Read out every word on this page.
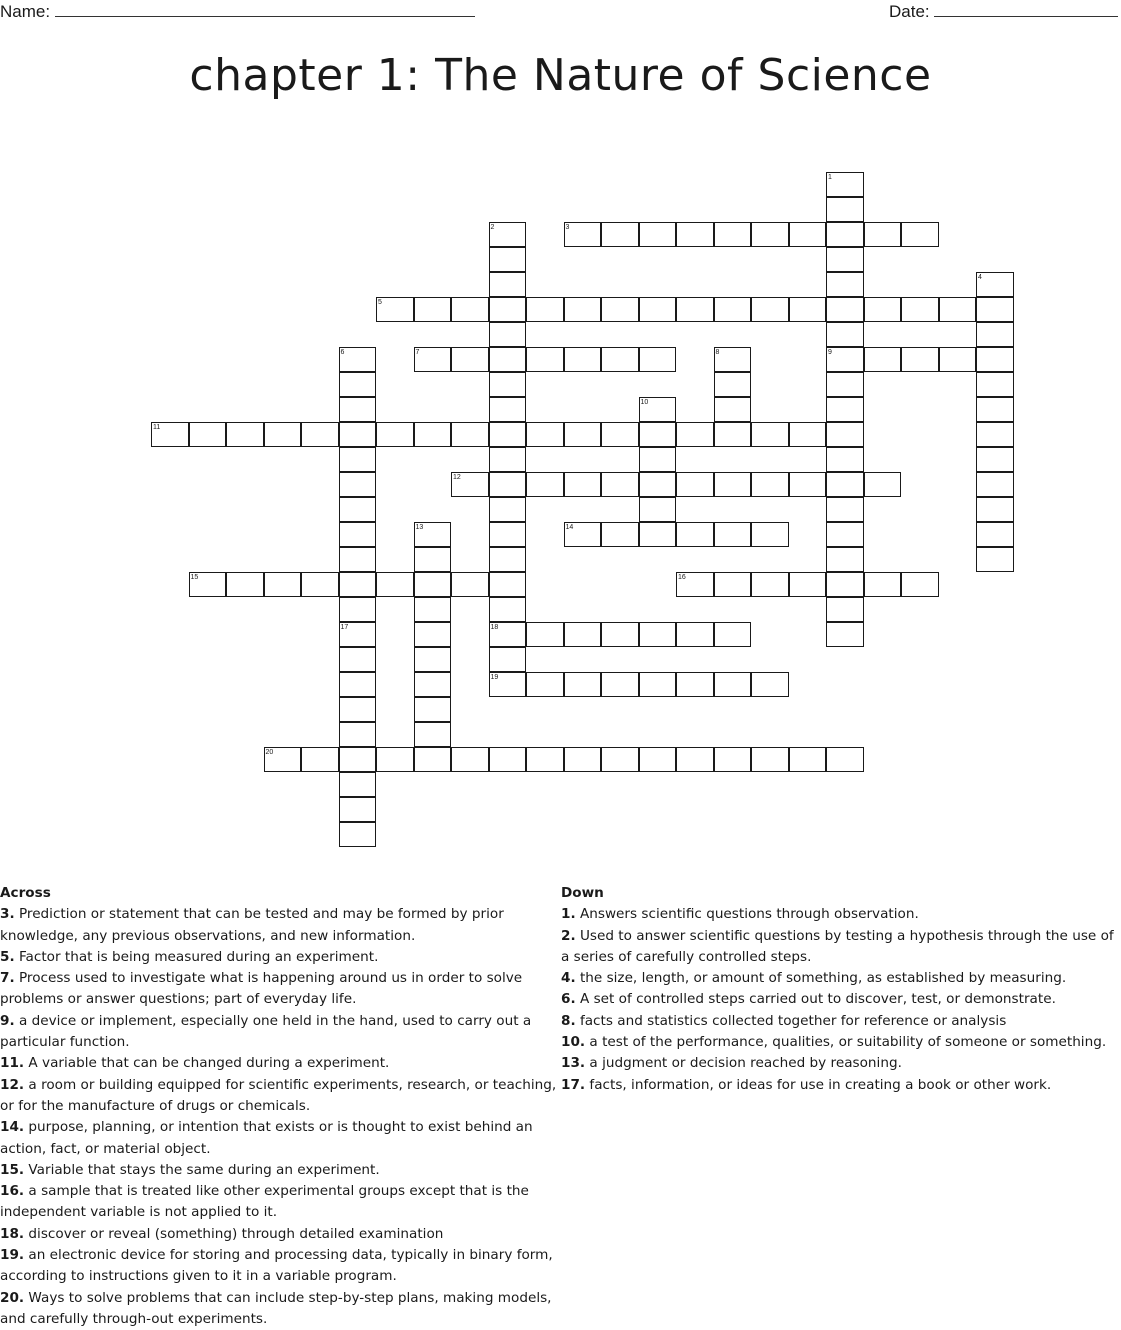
Name:	Date:
chapter 1: The Nature of Science
1
2	3
4
5
6	7	8	9
10
11
12
13	14
15	16
17	18
19
20
Across
3. Prediction or statement that can be tested and may be formed by prior knowledge, any previous observations, and new information.
5. Factor that is being measured during an experiment.
7. Process used to investigate what is happening around us in order to solve problems or answer questions; part of everyday life.
9. a device or implement, especially one held in the hand, used to carry out a particular function.
11. A variable that can be changed during a experiment.
12. a room or building equipped for scientific experiments, research, or teaching, or for the manufacture of drugs or chemicals.
14. purpose, planning, or intention that exists or is thought to exist behind an action, fact, or material object.
15. Variable that stays the same during an experiment.
16. a sample that is treated like other experimental groups except that is the independent variable is not applied to it.
18. discover or reveal (something) through detailed examination
19. an electronic device for storing and processing data, typically in binary form, according to instructions given to it in a variable program.
20. Ways to solve problems that can include step-by-step plans, making models, and carefully through-out experiments.
Down
1. Answers scientific questions through observation.
2. Used to answer scientific questions by testing a hypothesis through the use of a series of carefully controlled steps.
4. the size, length, or amount of something, as established by measuring.
6. A set of controlled steps carried out to discover, test, or demonstrate.
8. facts and statistics collected together for reference or analysis
10. a test of the performance, qualities, or suitability of someone or something.
13. a judgment or decision reached by reasoning.
17. facts, information, or ideas for use in creating a book or other work.
